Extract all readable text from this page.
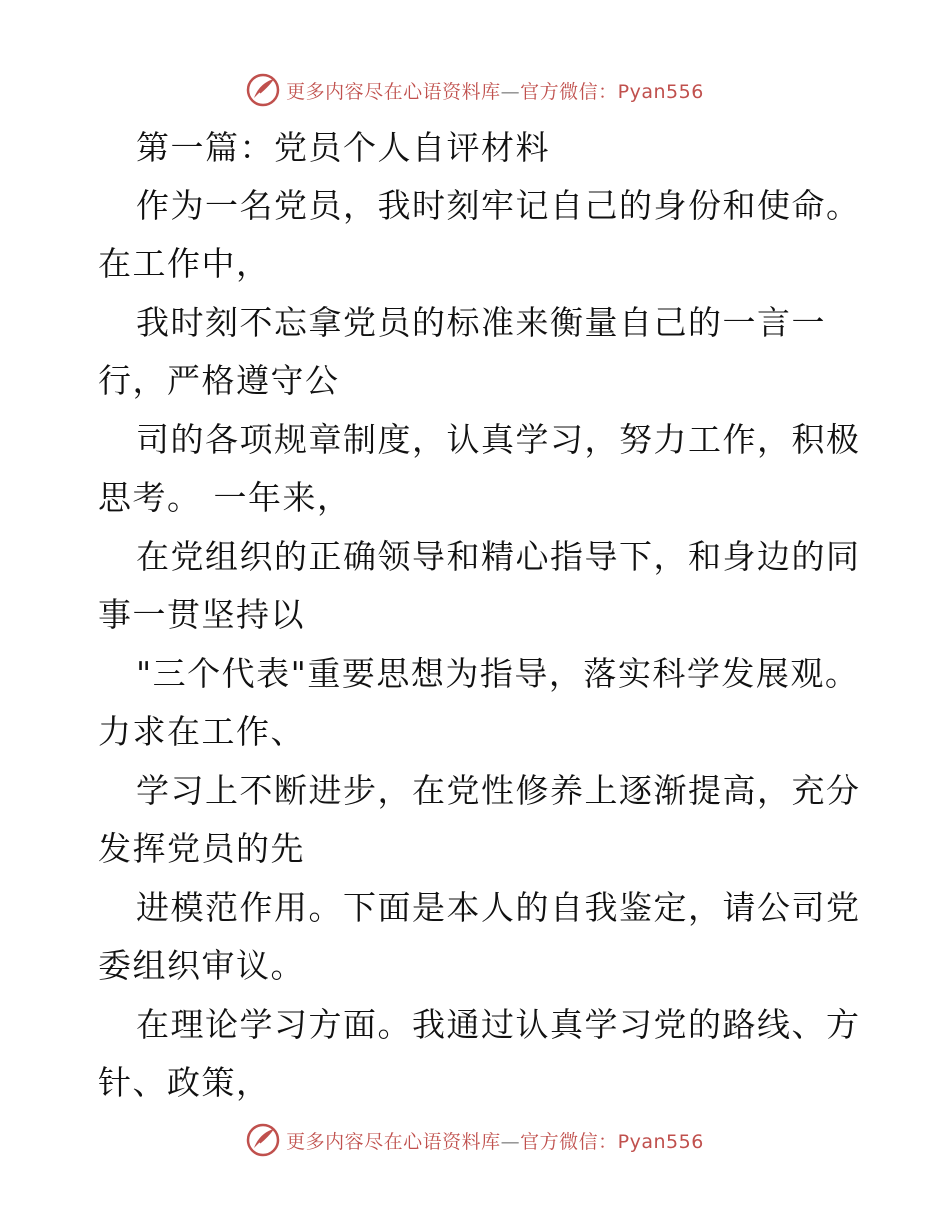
更多内容尽在心语资料库—官方微信：Pyan556
第一篇：党员个人自评材料
作为一名党员，我时刻牢记自己的身份和使命。
在工作中，
我时刻不忘拿党员的标准来衡量自己的一言一
行，严格遵守公
司的各项规章制度，认真学习，努力工作，积极
思考。 一年来，
在党组织的正确领导和精心指导下，和身边的同
事一贯坚持以
"三个代表"重要思想为指导，落实科学发展观。
力求在工作、
学习上不断进步，在党性修养上逐渐提高，充分
发挥党员的先
进模范作用。下面是本人的自我鉴定，请公司党
委组织审议。
在理论学习方面。我通过认真学习党的路线、方
针、政策，
更多内容尽在心语资料库—官方微信：Pyan556
